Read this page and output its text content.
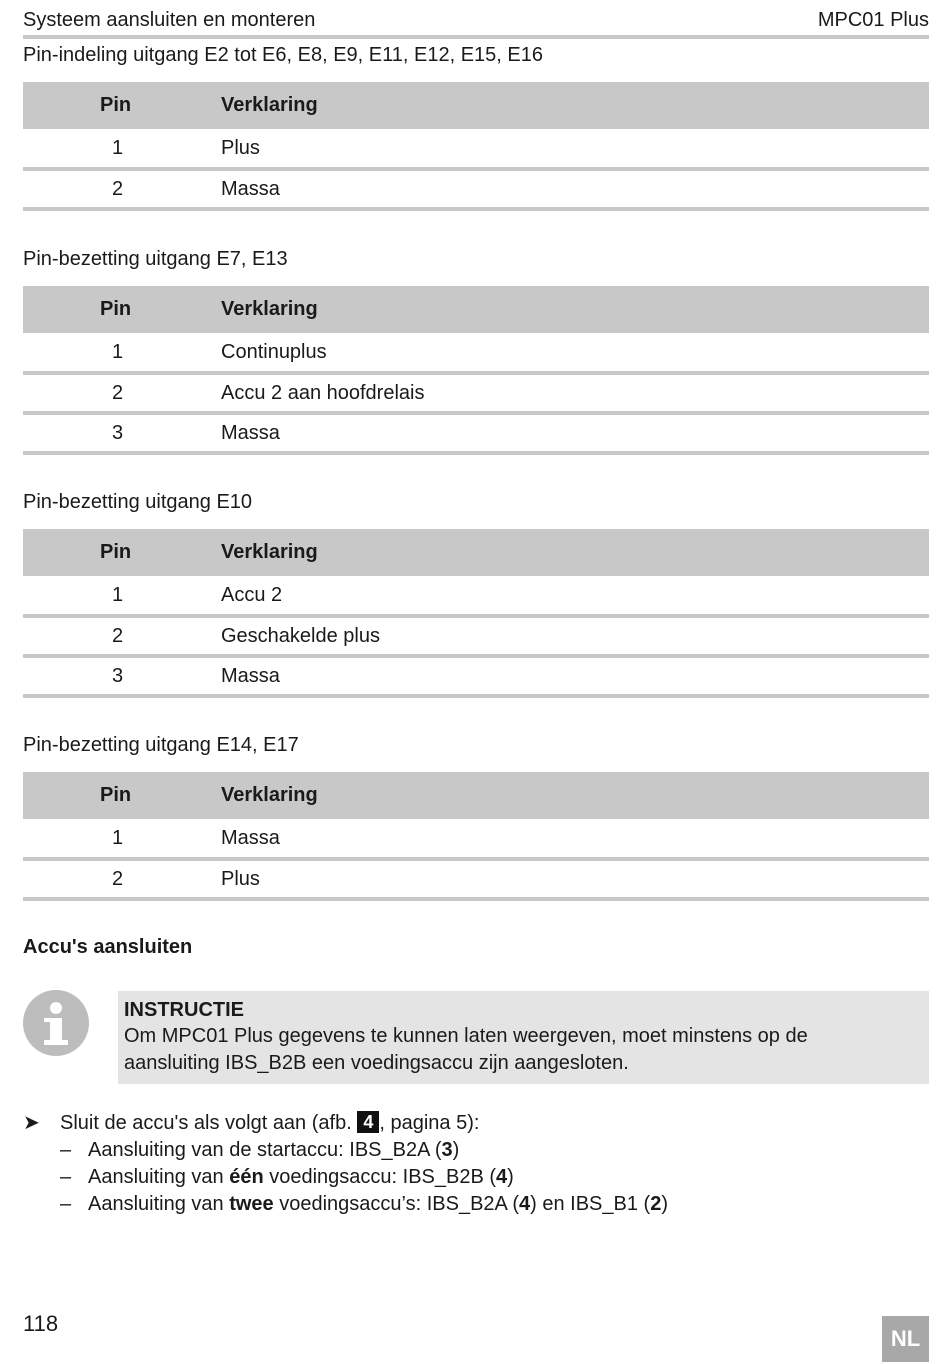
Systeem aansluiten en monteren	MPC01 Plus
Pin-indeling uitgang E2 tot E6, E8, E9, E11, E12, E15, E16
Pin	Verklaring
1	Plus
2	Massa
Pin-bezetting uitgang E7, E13
Pin	Verklaring
1	Continuplus
2	Accu 2 aan hoofdrelais
3	Massa
Pin-bezetting uitgang E10
Pin	Verklaring
1	Accu 2
2	Geschakelde plus
3	Massa
Pin-bezetting uitgang E14, E17
Pin	Verklaring
1	Massa
2	Plus
Accu's aansluiten
INSTRUCTIE
Om MPC01 Plus gegevens te kunnen laten weergeven, moet minstens op de
aansluiting IBS_B2B een voedingsaccu zijn aangesloten.
➤ Sluit de accu's als volgt aan (afb. 4 , pagina 5):
– Aansluiting van de startaccu: IBS_B2A (3)
– Aansluiting van één voedingsaccu: IBS_B2B (4)
– Aansluiting van twee voedingsaccu’s: IBS_B2A (4) en IBS_B1 (2)
118
NL
